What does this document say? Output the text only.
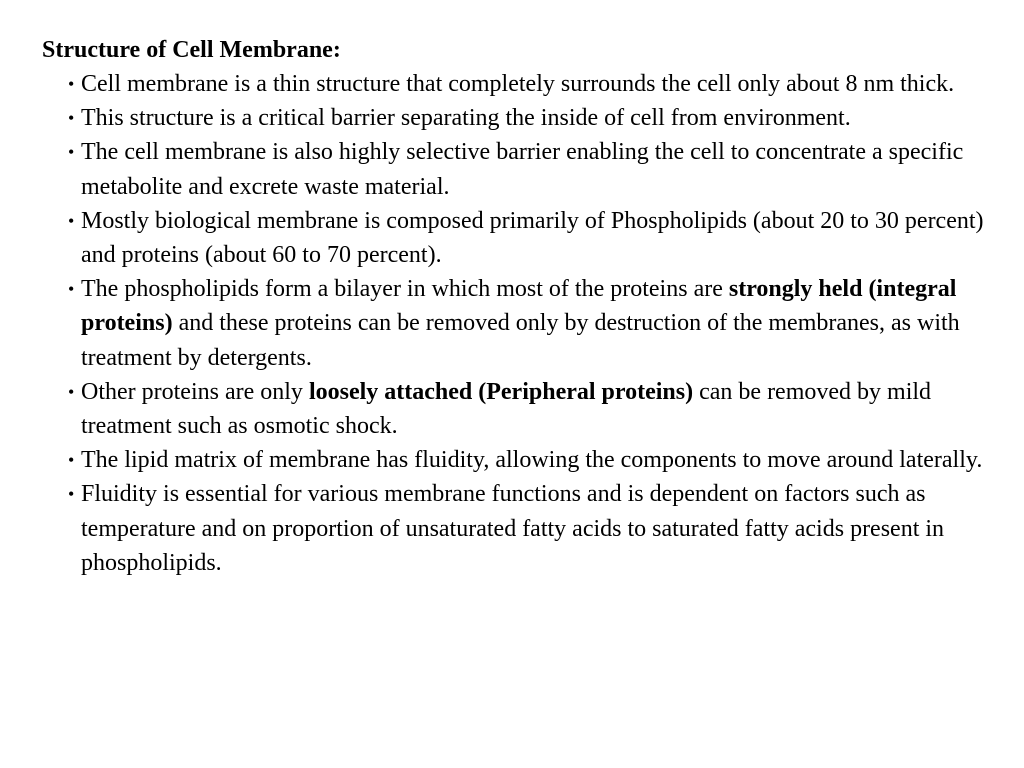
Structure of Cell Membrane:
• Cell membrane is a thin structure that completely surrounds the cell only about 8 nm thick.
• This structure is a critical barrier separating the inside of cell from environment.
• The cell membrane is also highly selective barrier enabling the cell to concentrate a specific metabolite and excrete waste material.
• Mostly biological membrane is composed primarily of Phospholipids (about 20 to 30 percent) and proteins (about 60 to 70 percent).
• The phospholipids form a bilayer in which most of the proteins are strongly held (integral proteins) and these proteins can be removed only by destruction of the membranes, as with treatment by detergents.
• Other proteins are only loosely attached (Peripheral proteins) can be removed by mild treatment such as osmotic shock.
• The lipid matrix of membrane has fluidity, allowing the components to move around laterally.
• Fluidity is essential for various membrane functions and is dependent on factors such as temperature and on proportion of unsaturated fatty acids to saturated fatty acids present in phospholipids.
